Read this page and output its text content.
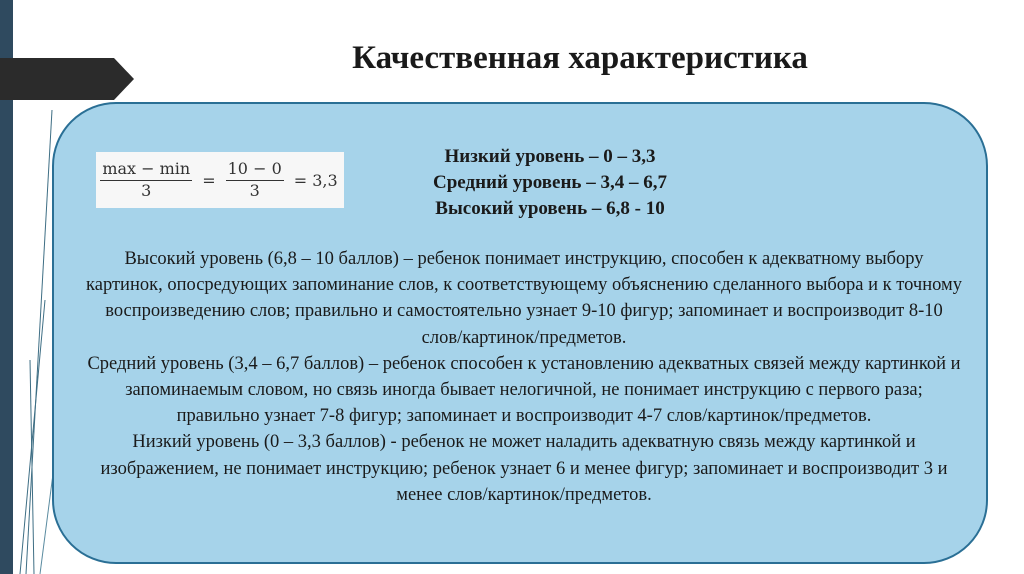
Качественная характеристика
$\frac{\max - \min}{3} = \frac{10 - 0}{3} = 3,3$
Низкий уровень – 0 – 3,3
Средний уровень – 3,4 – 6,7
Высокий уровень – 6,8 - 10

Высокий уровень (6,8 – 10 баллов) – ребенок понимает инструкцию, способен к адекватному выбору картинок, опосредующих запоминание слов, к соответствующему объяснению сделанного выбора и к точному воспроизведению слов; правильно и самостоятельно узнает 9-10 фигур; запоминает и воспроизводит 8-10 слов/картинок/предметов.

Средний уровень (3,4 – 6,7 баллов) – ребенок способен к установлению адекватных связей между картинкой и запоминаемым словом, но связь иногда бывает нелогичной, не понимает инструкцию с первого раза; правильно узнает 7-8 фигур; запоминает и воспроизводит 4-7 слов/картинок/предметов.

Низкий уровень (0 – 3,3 баллов) - ребенок не может наладить адекватную связь между картинкой и изображением, не понимает инструкцию; ребенок узнает 6 и менее фигур; запоминает и воспроизводит 3 и менее слов/картинок/предметов.
